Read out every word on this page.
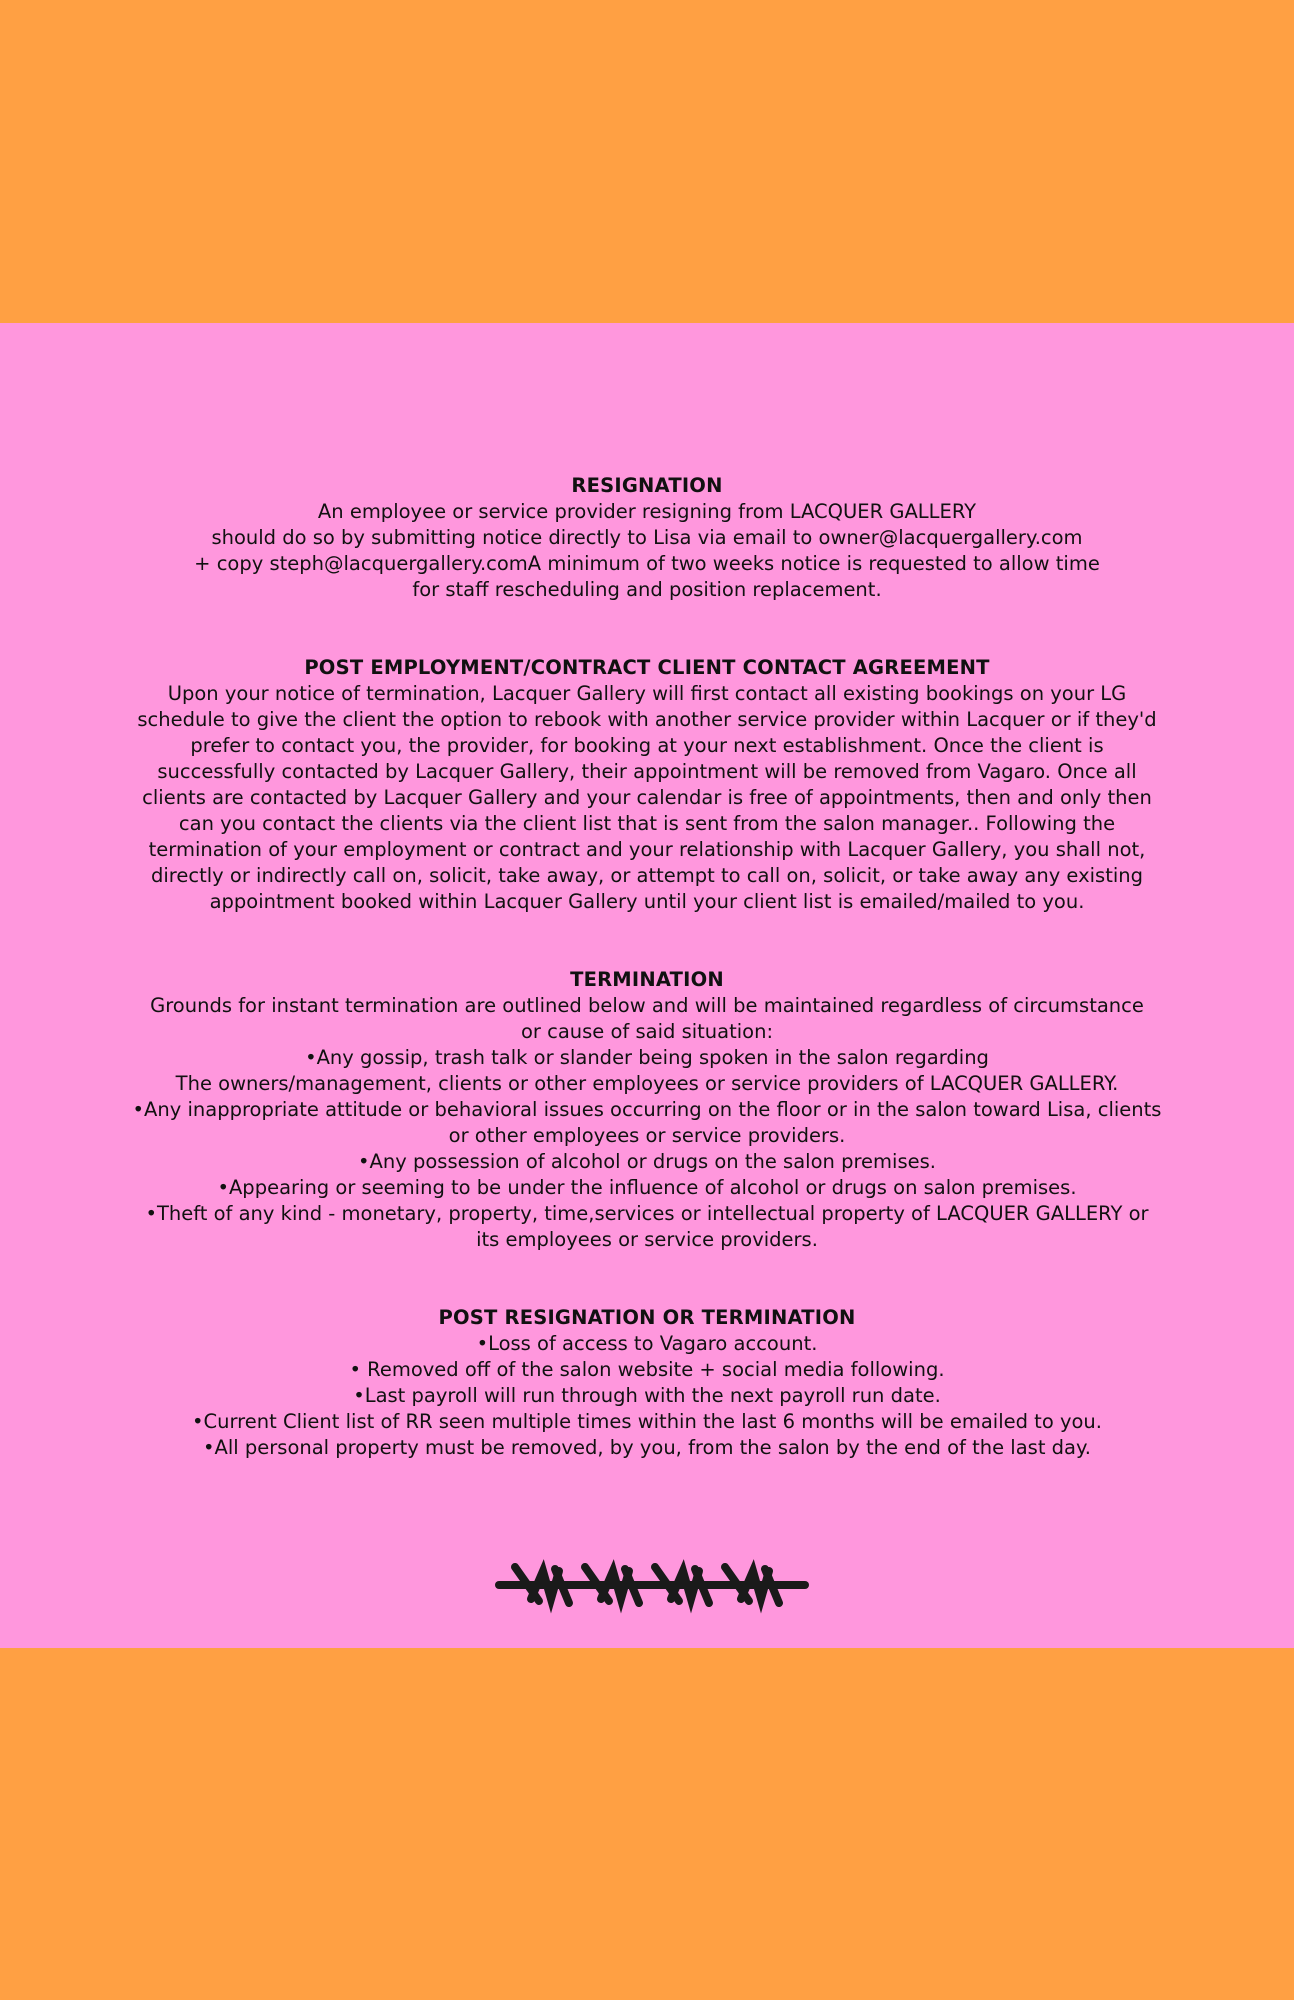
RESIGNATION
An employee or service provider resigning from LACQUER GALLERY
should do so by submitting notice directly to Lisa via email to owner@lacquergallery.com
+ copy steph@lacquergallery.comA minimum of two weeks notice is requested to allow time
for staff rescheduling and position replacement.
POST EMPLOYMENT/CONTRACT CLIENT CONTACT AGREEMENT
Upon your notice of termination, Lacquer Gallery will first contact all existing bookings on your LG
schedule to give the client the option to rebook with another service provider within Lacquer or if they'd
prefer to contact you, the provider, for booking at your next establishment. Once the client is
successfully contacted by Lacquer Gallery, their appointment will be removed from Vagaro. Once all
clients are contacted by Lacquer Gallery and your calendar is free of appointments, then and only then
can you contact the clients via the client list that is sent from the salon manager.. Following the
termination of your employment or contract and your relationship with Lacquer Gallery, you shall not,
directly or indirectly call on, solicit, take away, or attempt to call on, solicit, or take away any existing
appointment booked within Lacquer Gallery until your client list is emailed/mailed to you.
TERMINATION
Grounds for instant termination are outlined below and will be maintained regardless of circumstance
or cause of said situation:
•Any gossip, trash talk or slander being spoken in the salon regarding
The owners/management, clients or other employees or service providers of LACQUER GALLERY.
•Any inappropriate attitude or behavioral issues occurring on the floor or in the salon toward Lisa, clients
or other employees or service providers.
•Any possession of alcohol or drugs on the salon premises.
•Appearing or seeming to be under the influence of alcohol or drugs on salon premises.
•Theft of any kind - monetary, property, time,services or intellectual property of LACQUER GALLERY or
its employees or service providers.
POST RESIGNATION OR TERMINATION
•Loss of access to Vagaro account.
• Removed off of the salon website + social media following.
•Last payroll will run through with the next payroll run date.
•Current Client list of RR seen multiple times within the last 6 months will be emailed to you.
•All personal property must be removed, by you, from the salon by the end of the last day.
